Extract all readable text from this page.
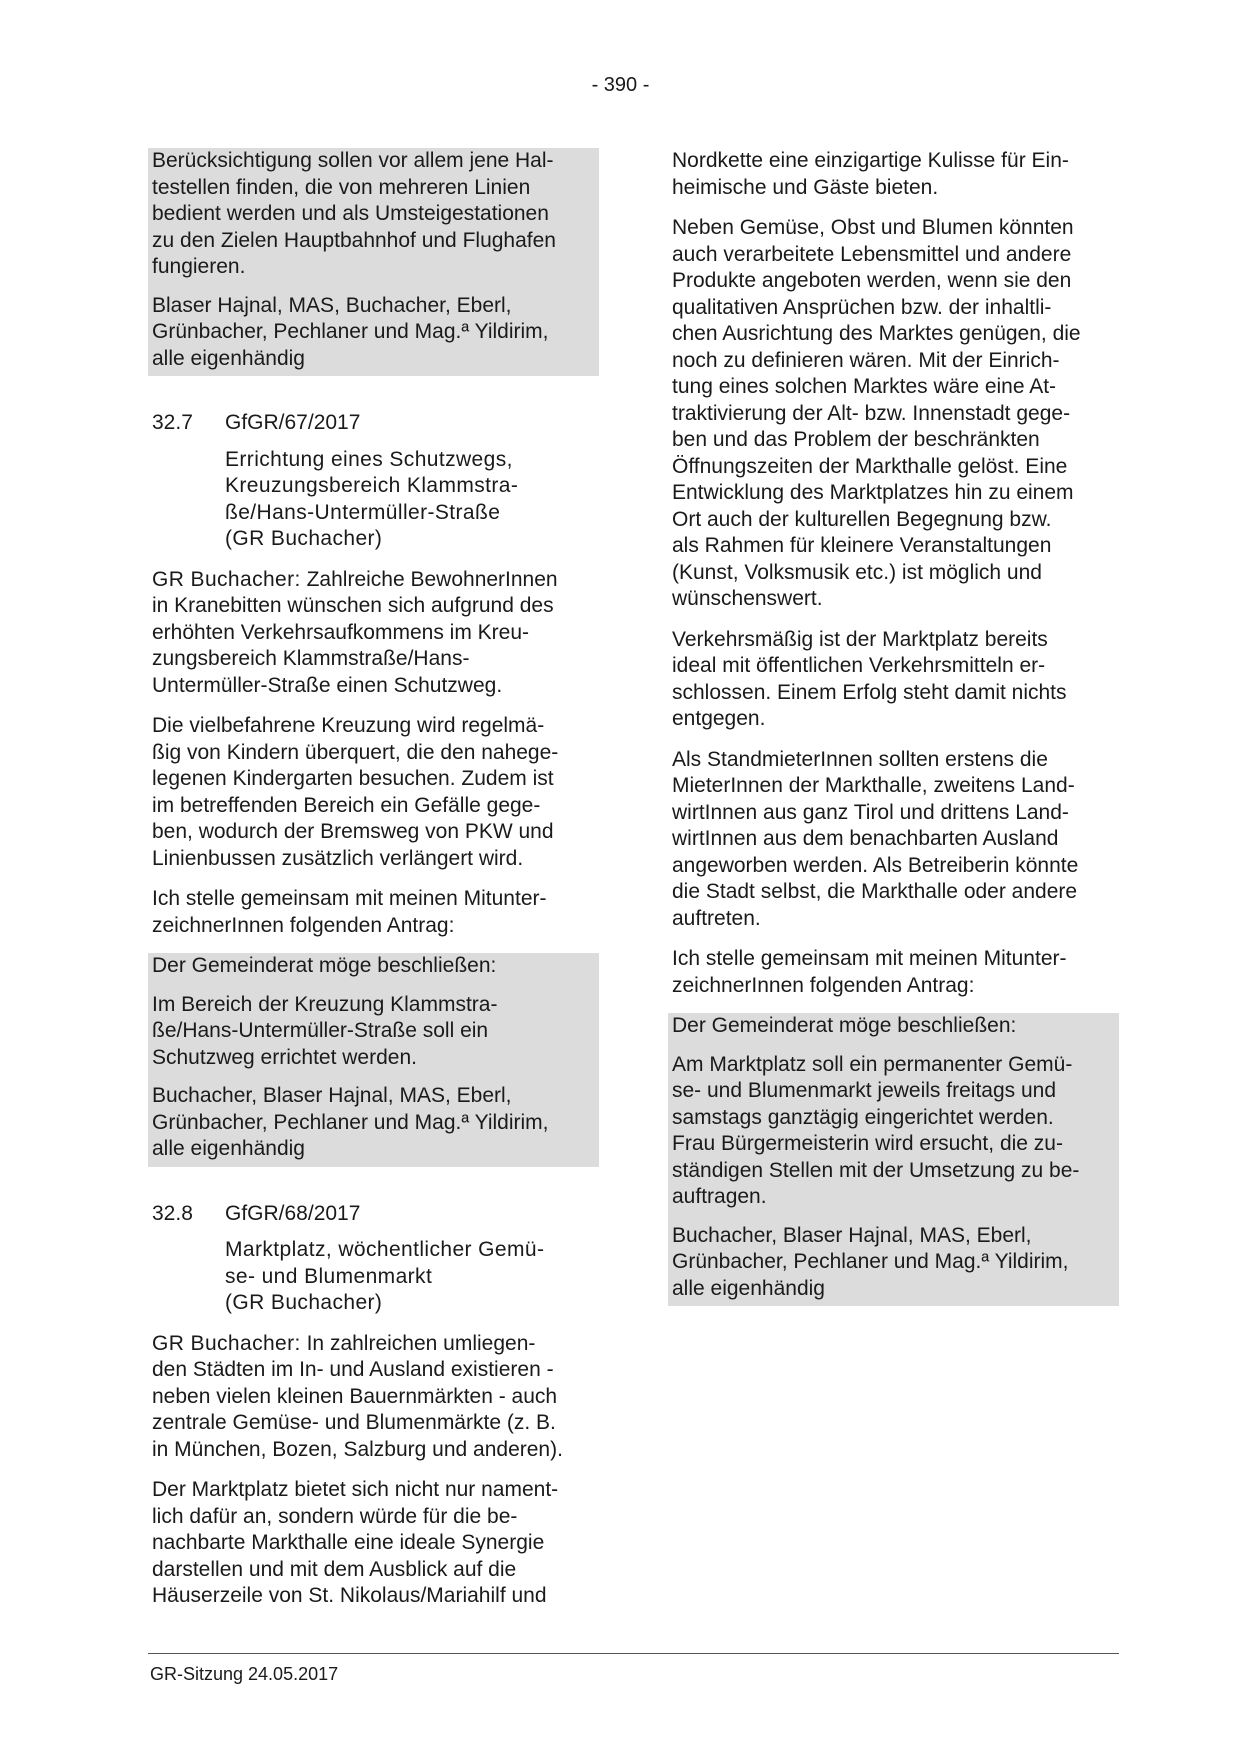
- 390 -

Berücksichtigung sollen vor allem jene Hal-
testellen finden, die von mehreren Linien
bedient werden und als Umsteigestationen
zu den Zielen Hauptbahnhof und Flughafen
fungieren.

Blaser Hajnal, MAS, Buchacher, Eberl,
Grünbacher, Pechlaner und Mag.ª Yildirim,
alle eigenhändig

32.7	GfGR/67/2017
Errichtung eines Schutzwegs,
Kreuzungsbereich Klammstra-
ße/Hans-Untermüller-Straße
(GR Buchacher)

GR Buchacher: Zahlreiche BewohnerInnen
in Kranebitten wünschen sich aufgrund des
erhöhten Verkehrsaufkommens im Kreu-
zungsbereich Klammstraße/Hans-
Untermüller-Straße einen Schutzweg.

Die vielbefahrene Kreuzung wird regelmä-
ßig von Kindern überquert, die den nahege-
legenen Kindergarten besuchen. Zudem ist
im betreffenden Bereich ein Gefälle gege-
ben, wodurch der Bremsweg von PKW und
Linienbussen zusätzlich verlängert wird.

Ich stelle gemeinsam mit meinen Mitunter-
zeichnerInnen folgenden Antrag:

Der Gemeinderat möge beschließen:

Im Bereich der Kreuzung Klammstra-
ße/Hans-Untermüller-Straße soll ein
Schutzweg errichtet werden.

Buchacher, Blaser Hajnal, MAS, Eberl,
Grünbacher, Pechlaner und Mag.ª Yildirim,
alle eigenhändig

32.8	GfGR/68/2017
Marktplatz, wöchentlicher Gemü-
se- und Blumenmarkt
(GR Buchacher)

GR Buchacher: In zahlreichen umliegen-
den Städten im In- und Ausland existieren -
neben vielen kleinen Bauernmärkten - auch
zentrale Gemüse- und Blumenmärkte (z. B.
in München, Bozen, Salzburg und anderen).

Der Marktplatz bietet sich nicht nur nament-
lich dafür an, sondern würde für die be-
nachbarte Markthalle eine ideale Synergie
darstellen und mit dem Ausblick auf die
Häuserzeile von St. Nikolaus/Mariahilf und

Nordkette eine einzigartige Kulisse für Ein-
heimische und Gäste bieten.

Neben Gemüse, Obst und Blumen könnten
auch verarbeitete Lebensmittel und andere
Produkte angeboten werden, wenn sie den
qualitativen Ansprüchen bzw. der inhaltli-
chen Ausrichtung des Marktes genügen, die
noch zu definieren wären. Mit der Einrich-
tung eines solchen Marktes wäre eine At-
traktivierung der Alt- bzw. Innenstadt gege-
ben und das Problem der beschränkten
Öffnungszeiten der Markthalle gelöst. Eine
Entwicklung des Marktplatzes hin zu einem
Ort auch der kulturellen Begegnung bzw.
als Rahmen für kleinere Veranstaltungen
(Kunst, Volksmusik etc.) ist möglich und
wünschenswert.

Verkehrsmäßig ist der Marktplatz bereits
ideal mit öffentlichen Verkehrsmitteln er-
schlossen. Einem Erfolg steht damit nichts
entgegen.

Als StandmieterInnen sollten erstens die
MieterInnen der Markthalle, zweitens Land-
wirtInnen aus ganz Tirol und drittens Land-
wirtInnen aus dem benachbarten Ausland
angeworben werden. Als Betreiberin könnte
die Stadt selbst, die Markthalle oder andere
auftreten.

Ich stelle gemeinsam mit meinen Mitunter-
zeichnerInnen folgenden Antrag:

Der Gemeinderat möge beschließen:

Am Marktplatz soll ein permanenter Gemü-
se- und Blumenmarkt jeweils freitags und
samstags ganztägig eingerichtet werden.
Frau Bürgermeisterin wird ersucht, die zu-
ständigen Stellen mit der Umsetzung zu be-
auftragen.

Buchacher, Blaser Hajnal, MAS, Eberl,
Grünbacher, Pechlaner und Mag.ª Yildirim,
alle eigenhändig

GR-Sitzung 24.05.2017
